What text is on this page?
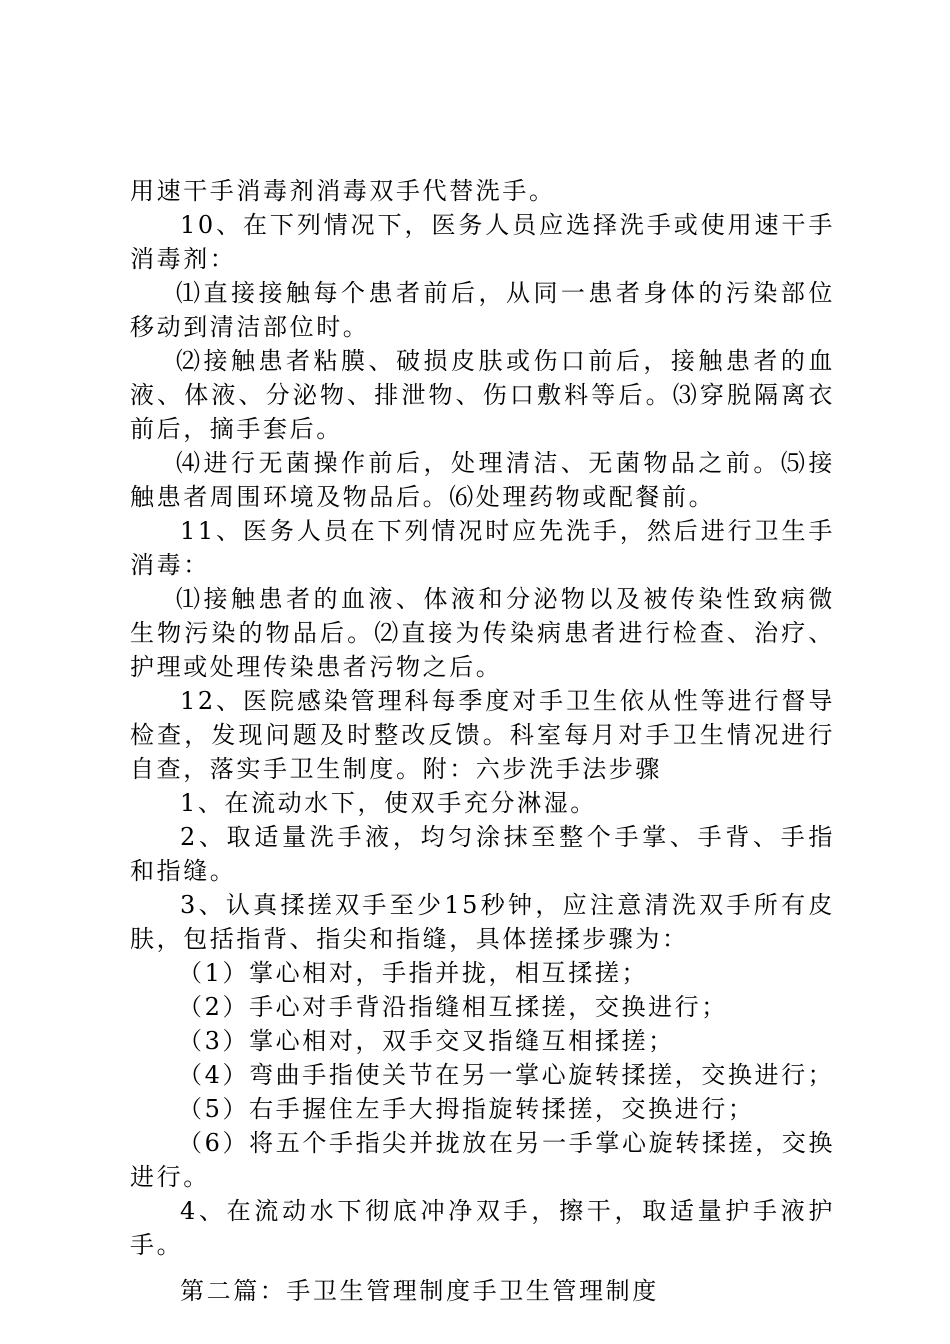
用速干手消毒剂消毒双手代替洗手。

10、在下列情况下，医务人员应选择洗手或使用速干手消毒剂：

⑴直接接触每个患者前后，从同一患者身体的污染部位移动到清洁部位时。

⑵接触患者粘膜、破损皮肤或伤口前后，接触患者的血液、体液、分泌物、排泄物、伤口敷料等后。⑶穿脱隔离衣前后，摘手套后。

⑷进行无菌操作前后，处理清洁、无菌物品之前。⑸接触患者周围环境及物品后。⑹处理药物或配餐前。

11、医务人员在下列情况时应先洗手，然后进行卫生手消毒：

⑴接触患者的血液、体液和分泌物以及被传染性致病微生物污染的物品后。⑵直接为传染病患者进行检查、治疗、护理或处理传染患者污物之后。

12、医院感染管理科每季度对手卫生依从性等进行督导检查，发现问题及时整改反馈。科室每月对手卫生情况进行自查，落实手卫生制度。附：六步洗手法步骤

1、在流动水下，使双手充分淋湿。

2、取适量洗手液，均匀涂抹至整个手掌、手背、手指和指缝。

3、认真揉搓双手至少15秒钟，应注意清洗双手所有皮肤，包括指背、指尖和指缝，具体搓揉步骤为：

（1）掌心相对，手指并拢，相互揉搓；

（2）手心对手背沿指缝相互揉搓，交换进行；

（3）掌心相对，双手交叉指缝互相揉搓；

（4）弯曲手指使关节在另一掌心旋转揉搓，交换进行；

（5）右手握住左手大拇指旋转揉搓，交换进行；

（6）将五个手指尖并拢放在另一手掌心旋转揉搓，交换进行。

4、在流动水下彻底冲净双手，擦干，取适量护手液护手。

第二篇：手卫生管理制度手卫生管理制度
